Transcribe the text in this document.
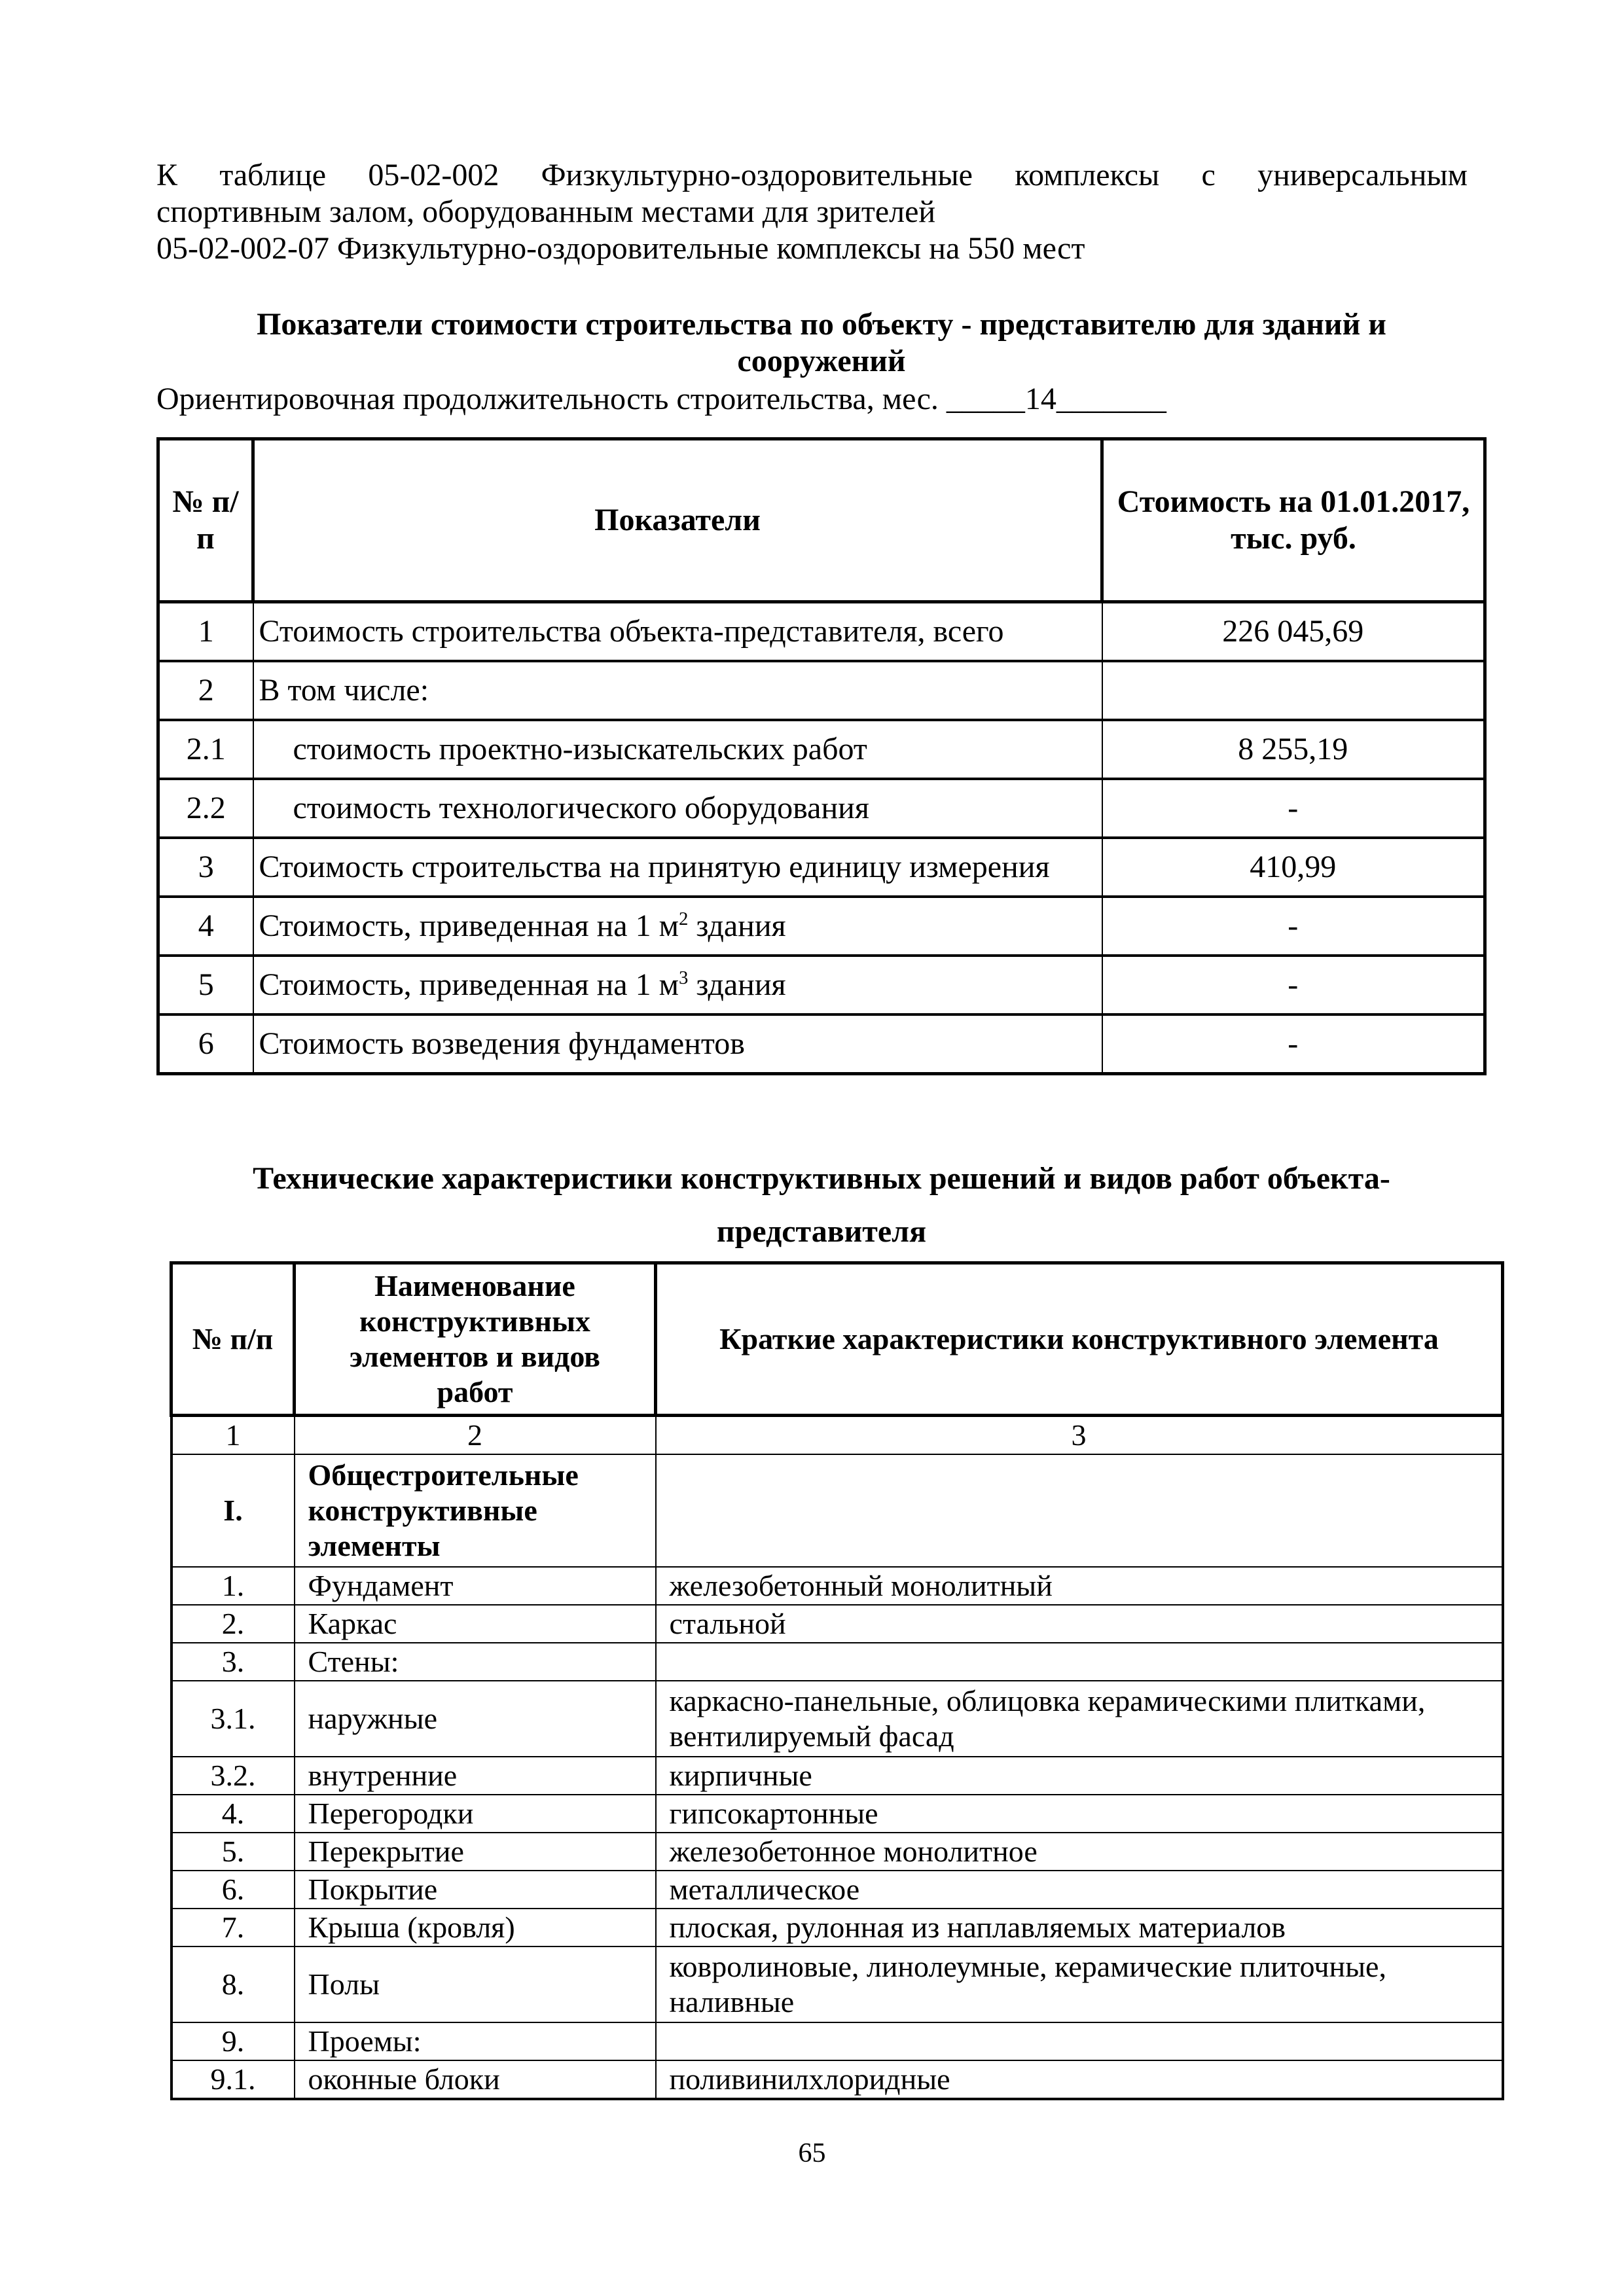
К таблице 05-02-002 Физкультурно-оздоровительные комплексы с универсальным
спортивным залом, оборудованным местами для зрителей
05-02-002-07 Физкультурно-оздоровительные комплексы на 550 мест
Показатели стоимости строительства по объекту - представителю для зданий и
сооружений
Ориентировочная продолжительность строительства, мес. _____14_______
№ п/п	Показатели	Стоимость на 01.01.2017, тыс. руб.
1	Стоимость строительства объекта-представителя, всего	226 045,69
2	В том числе:	
2.1	стоимость проектно-изыскательских работ	8 255,19
2.2	стоимость технологического оборудования	-
3	Стоимость строительства на принятую единицу измерения	410,99
4	Стоимость, приведенная на 1 $м^2$ здания	-
5	Стоимость, приведенная на 1 $м^3$ здания	-
6	Стоимость возведения фундаментов	-
Технические характеристики конструктивных решений и видов работ объекта-
представителя
№ п/п	Наименование конструктивных элементов и видов работ	Краткие характеристики конструктивного элемента
1	2	3
I.	Общестроительные конструктивные элементы	
1.	Фундамент	железобетонный монолитный
2.	Каркас	стальной
3.	Стены:	
3.1.	наружные	каркасно-панельные, облицовка керамическими плитками, вентилируемый фасад
3.2.	внутренние	кирпичные
4.	Перегородки	гипсокартонные
5.	Перекрытие	железобетонное монолитное
6.	Покрытие	металлическое
7.	Крыша (кровля)	плоская, рулонная из наплавляемых материалов
8.	Полы	ковролиновые, линолеумные, керамические плиточные, наливные
9.	Проемы:	
9.1.	оконные блоки	поливинилхлоридные
65
